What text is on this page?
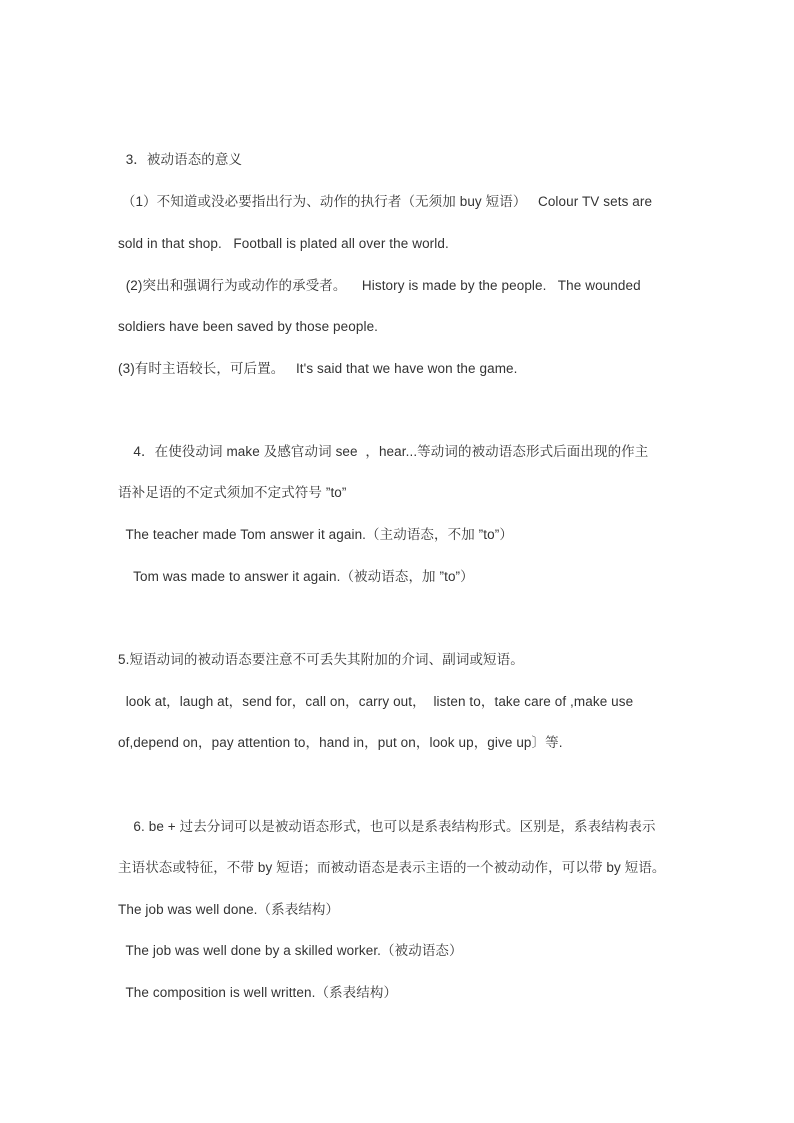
3．被动语态的意义
（1）不知道或没必要指出行为、动作的执行者（无须加 buy 短语）   Colour TV sets are
sold in that shop.   Football is plated all over the world.
(2)突出和强调行为或动作的承受者。    History is made by the people.   The wounded
soldiers have been saved by those people.
(3)有时主语较长，可后置。   It's said that we have won the game.
4．在使役动词 make 及感官动词 see  ，hear...等动词的被动语态形式后面出现的作主
语补足语的不定式须加不定式符号 ”to”
The teacher made Tom answer it again.（主动语态，不加 ”to”）
Tom was made to answer it again.（被动语态，加 ”to”）
5.短语动词的被动语态要注意不可丢失其附加的介词、副词或短语。
look at，laugh at，send for，call on，carry out，  listen to，take care of ,make use
of,depend on，pay attention to，hand in，put on，look up，give up〕等.
6. be + 过去分词可以是被动语态形式，也可以是系表结构形式。区别是，系表结构表示
主语状态或特征，不带 by 短语；而被动语态是表示主语的一个被动动作，可以带 by 短语。
The job was well done.（系表结构）
The job was well done by a skilled worker.（被动语态）
The composition is well written.（系表结构）
